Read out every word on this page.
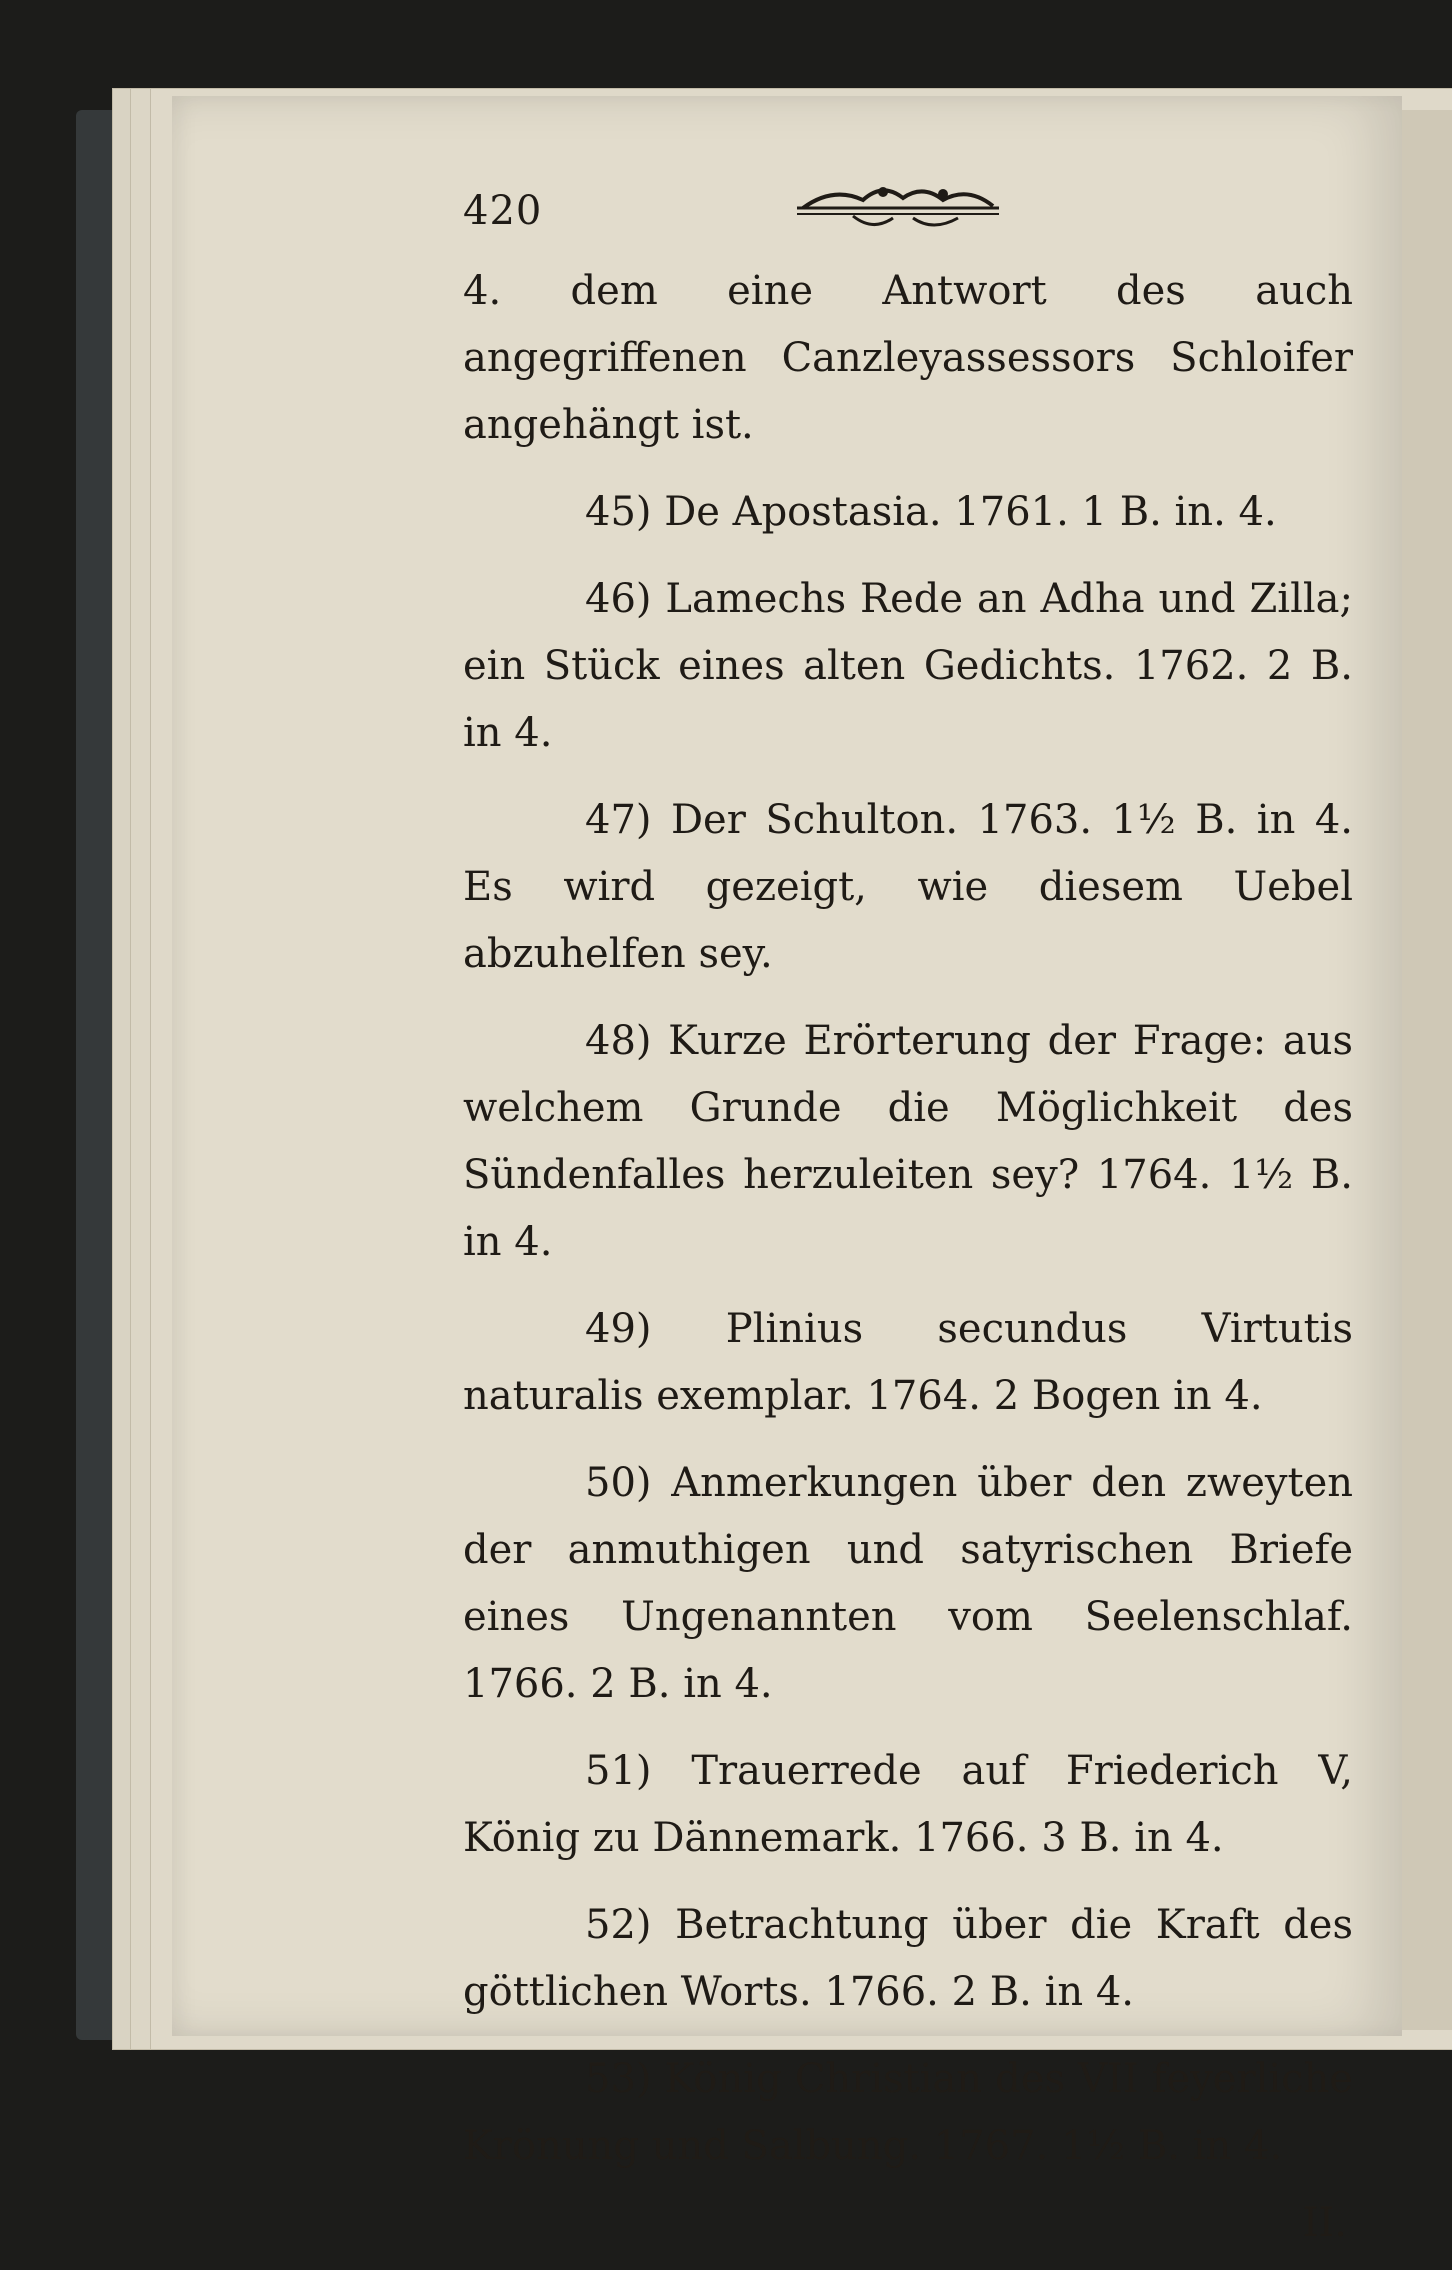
420

4. dem eine Antwort des auch angegriffenen Canzleyassessors Schloifer angehängt ist.

45) De Apostasia. 1761. 1 B. in. 4.

46) Lamechs Rede an Adha und Zilla; ein Stück eines alten Gedichts. 1762. 2 B. in 4.

47) Der Schulton. 1763. 1½ B. in 4. Es wird gezeigt, wie diesem Uebel abzuhelfen sey.

48) Kurze Erörterung der Frage: aus welchem Grunde die Möglichkeit des Sündenfalles herzuleiten sey? 1764. 1½ B. in 4.

49) Plinius secundus Virtutis naturalis exemplar. 1764. 2 Bogen in 4.

50) Anmerkungen über den zweyten der anmuthigen und satyrischen Briefe eines Ungenannten vom Seelenschlaf. 1766. 2 B. in 4.

51) Trauerrede auf Friederich V, König zu Dännemark. 1766. 3 B. in 4.

52) Betrachtung über die Kraft des göttlichen Worts. 1766. 2 B. in 4.

53) König Christian des VII feyerliche Krönung und Salbung. 1767. 1½ B. in 4.

II.
